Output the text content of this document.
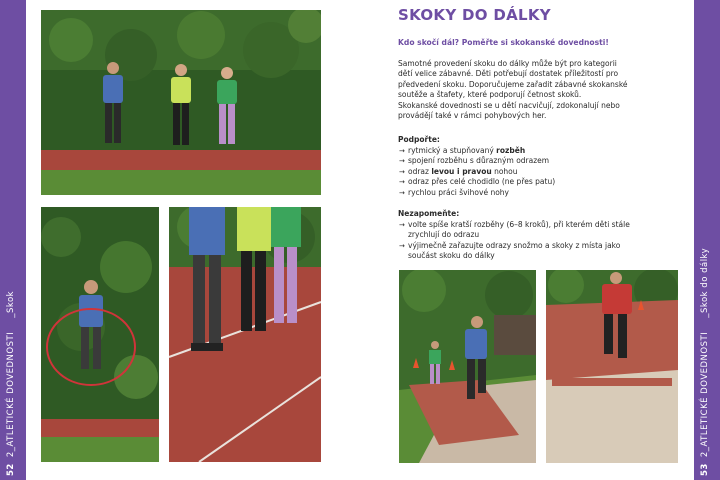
522_ATLETICKÉ DOVEDNOSTI_Skok
532_ATLETICKÉ DOVEDNOSTI_Skok do dálky
SKOKY DO DÁLKY
Kdo skočí dál? Poměřte si skokanské dovednosti!

Samotné provedení skoku do dálky může být pro kategorii

dětí velice zábavné. Děti potřebují dostatek příležitostí pro

předvedení skoku. Doporučujeme zařadit zábavné skokanské

soutěže a štafety, které podporují četnost skoků.

Skokanské dovednosti se u dětí nacvičují, zdokonalují nebo

provádějí také v rámci pohybových her.

Podpořte:
→ rytmický a stupňovaný rozběh
→ spojení rozběhu s důrazným odrazem
→ odraz levou i pravou nohou
→ odraz přes celé chodidlo (ne přes patu)
→ rychlou práci švihové nohy
Nezapomeňte:
→ volte spíše kratší rozběhy (6–8 kroků), při kterém děti stále
zrychlují do odrazu
→ výjimečně zařazujte odrazy snožmo a skoky z místa jako
součást skoku do dálky
